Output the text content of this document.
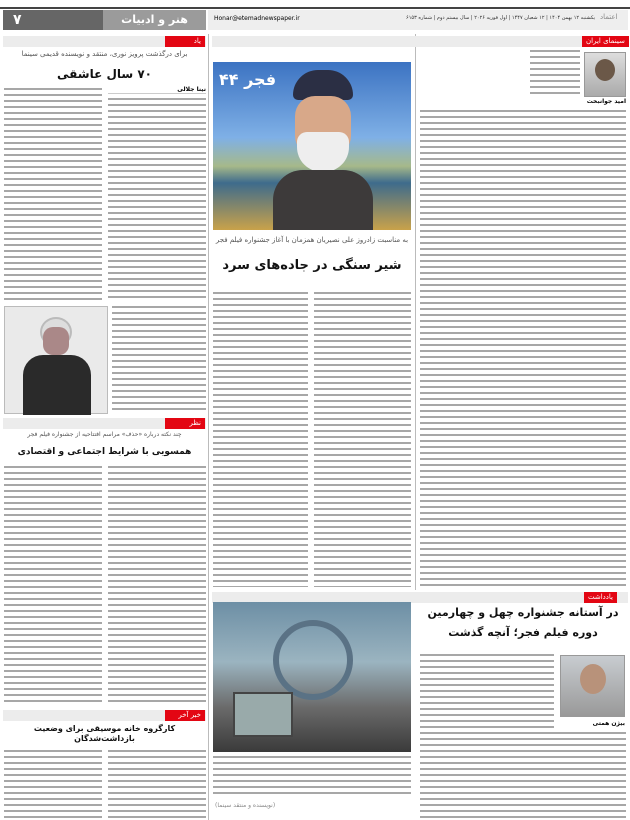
۷	هنر و ادبیات	Honar@etemadnewspaper.ir	یکشنبه ۱۲ بهمن ۱۴۰۴ | ۱۲ شعبان ۱۴۴۷ | اول فوریه ۲۰۲۶ | سال بیستم دوم | شماره ۶۱۵۳ اعتماد
سینمای ایران
امید جوانبخت
فجر ۴۴
به مناسبت زادروز علی نصیریان همزمان با آغاز جشنواره فیلم فجر
شیر سنگی در جاده‌های سرد
یاد
برای درگذشت پرویز نوری، منتقد و نویسنده قدیمی سینما
۷۰ سال عاشقی
نینا جلالی
نظر
چند نکته درباره «حذف» مراسم افتتاحیه از جشنواره فیلم فجر
همسویی با شرایط اجتماعی و اقتصادی
خبر آخر
کارگروه خانه موسیقی برای وضعیت بازداشت‌شدگان
یادداشت
در آستانه جشنواره چهل و چهارمین
دوره فیلم فجر؛ آنچه گذشت
بیژن همتی
(نویسنده و منتقد سینما)
